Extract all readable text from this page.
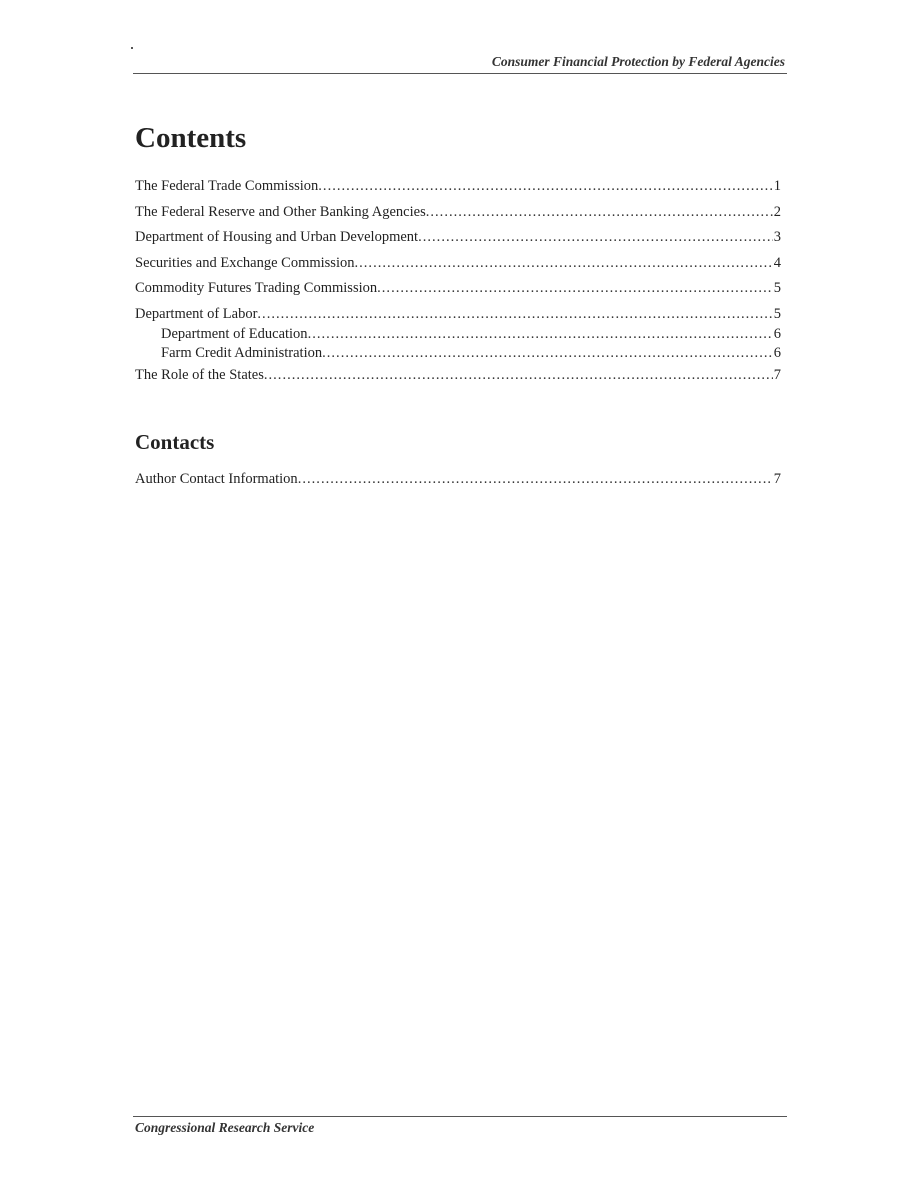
Consumer Financial Protection by Federal Agencies
Contents
The Federal Trade Commission . . .	1
The Federal Reserve and Other Banking Agencies . . .	2
Department of Housing and Urban Development . . .	3
Securities and Exchange Commission . . .	4
Commodity Futures Trading Commission . . .	5
Department of Labor . . .	5
Department of Education . . .	6
Farm Credit Administration . . .	6
The Role of the States . . .	7
Contacts
Author Contact Information . . .	7
Congressional Research Service
